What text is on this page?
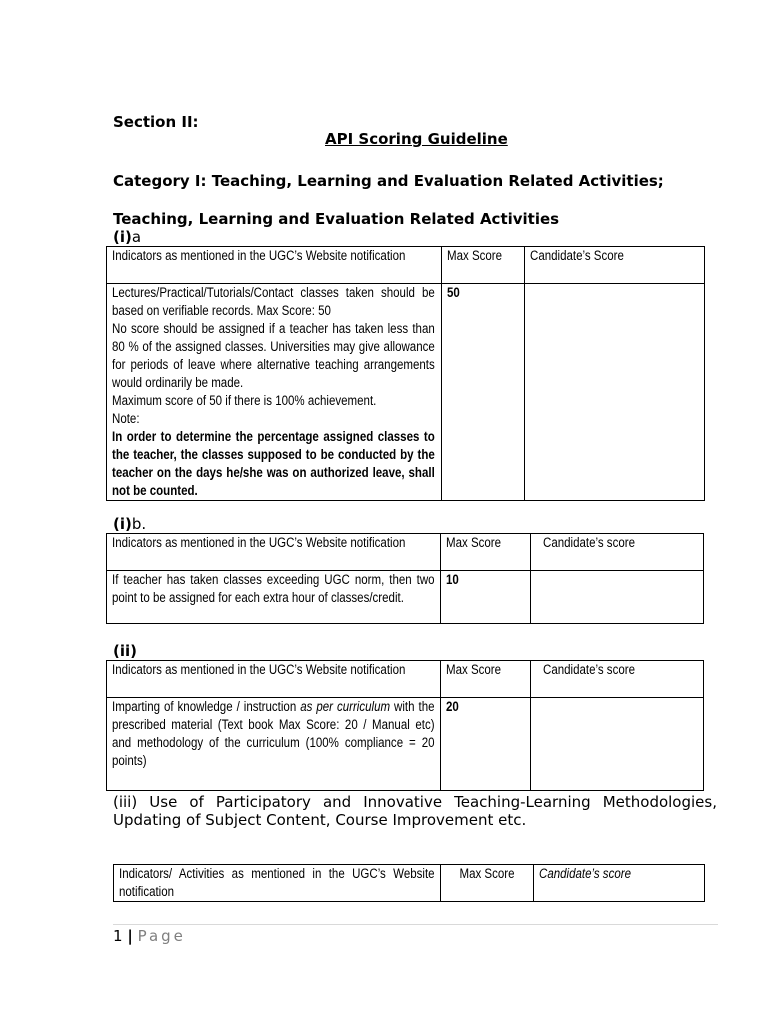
Section II:
API Scoring Guideline
Category I: Teaching, Learning and Evaluation Related Activities;
Teaching, Learning and Evaluation Related Activities
(i)a
Indicators as mentioned in the UGC’s Website notification	Max Score	Candidate’s Score

Lectures/Practical/Tutorials/Contact classes taken should be based on verifiable records. Max Score: 50
No score should be assigned if a teacher has taken less than 80 % of the assigned classes. Universities may give allowance for periods of leave where alternative teaching arrangements would ordinarily be made.
Maximum score of 50 if there is 100% achievement.
Note:
In order to determine the percentage assigned classes to the teacher, the classes supposed to be conducted by the teacher on the days he/she was on authorized leave, shall not be counted.	50	
(i)b.
Indicators as mentioned in the UGC’s Website notification	Max Score	Candidate’s score
If teacher has taken classes exceeding UGC norm, then two point to be assigned for each extra hour of classes/credit.	10	
(ii)
Indicators as mentioned in the UGC’s Website notification	Max Score	Candidate’s score
Imparting of knowledge / instruction as per curriculum with the prescribed material (Text book Max Score: 20 / Manual etc) and methodology of the curriculum (100% compliance = 20 points)	20	
(iii) Use of Participatory and Innovative Teaching-Learning Methodologies, Updating of Subject Content, Course Improvement etc.
Indicators/ Activities as mentioned in the UGC’s Website notification	Max Score	Candidate’s score
1 | Page
